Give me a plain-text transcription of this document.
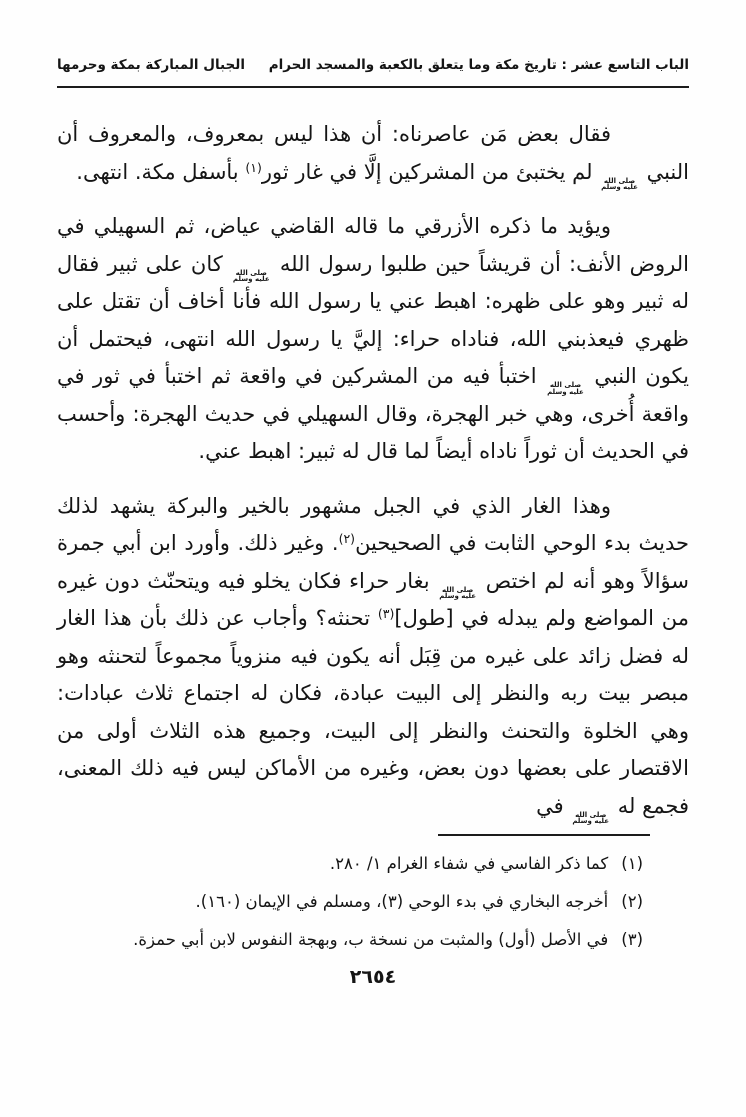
الباب التاسع عشر : تاريخ مكة وما يتعلق بالكعبة والمسجد الحرام
الجبال المباركة بمكة وحرمها

فقال بعض مَن عاصرناه: أن هذا ليس بمعروف، والمعروف أن النبي
صلى الله
عليه وسلم
لم يختبئ من المشركين إلَّا في غار ثور$^{(١)}$ بأسفل مكة. انتهى.

ويؤيد ما ذكره الأزرقي ما قاله القاضي عياض، ثم السهيلي في الروض الأنف: أن قريشاً حين طلبوا رسول الله
صلى الله
عليه وسلم
كان على ثبير فقال له ثبير وهو على ظهره: اهبط عني يا رسول الله فأنا أخاف أن تقتل على ظهري فيعذبني الله، فناداه حراء: إليَّ يا رسول الله انتهى، فيحتمل أن يكون النبي
صلى الله
عليه وسلم
اختبأ فيه من المشركين في واقعة ثم اختبأ في ثور في واقعة أُخرى، وهي خبر الهجرة، وقال السهيلي في حديث الهجرة: وأحسب في الحديث أن ثوراً ناداه أيضاً لما قال له ثبير: اهبط عني.

وهذا الغار الذي في الجبل مشهور بالخير والبركة يشهد لذلك حديث بدء الوحي الثابت في الصحيحين$^{(٢)}$. وغير ذلك. وأورد ابن أبي جمرة سؤالاً وهو أنه لم اختص
صلى الله
عليه وسلم
بغار حراء فكان يخلو فيه ويتحنّث دون غيره من المواضع ولم يبدله في [طول]$^{(٣)}$ تحنثه؟ وأجاب عن ذلك بأن هذا الغار له فضل زائد على غيره من قِبَل أنه يكون فيه منزوياً مجموعاً لتحنثه وهو مبصر بيت ربه والنظر إلى البيت عبادة، فكان له اجتماع ثلاث عبادات: وهي الخلوة والتحنث والنظر إلى البيت، وجميع هذه الثلاث أولى من الاقتصار على بعضها دون بعض، وغيره من الأماكن ليس فيه ذلك المعنى، فجمع له
صلى الله
عليه وسلم
في

(١)
كما ذكر الفاسي في شفاء الغرام ١/ ٢٨٠.
(٢)
أخرجه البخاري في بدء الوحي (٣)، ومسلم في الإيمان (١٦٠).
(٣)
في الأصل (أول) والمثبت من نسخة ب، وبهجة النفوس لابن أبي حمزة.
٢٦٥٤
